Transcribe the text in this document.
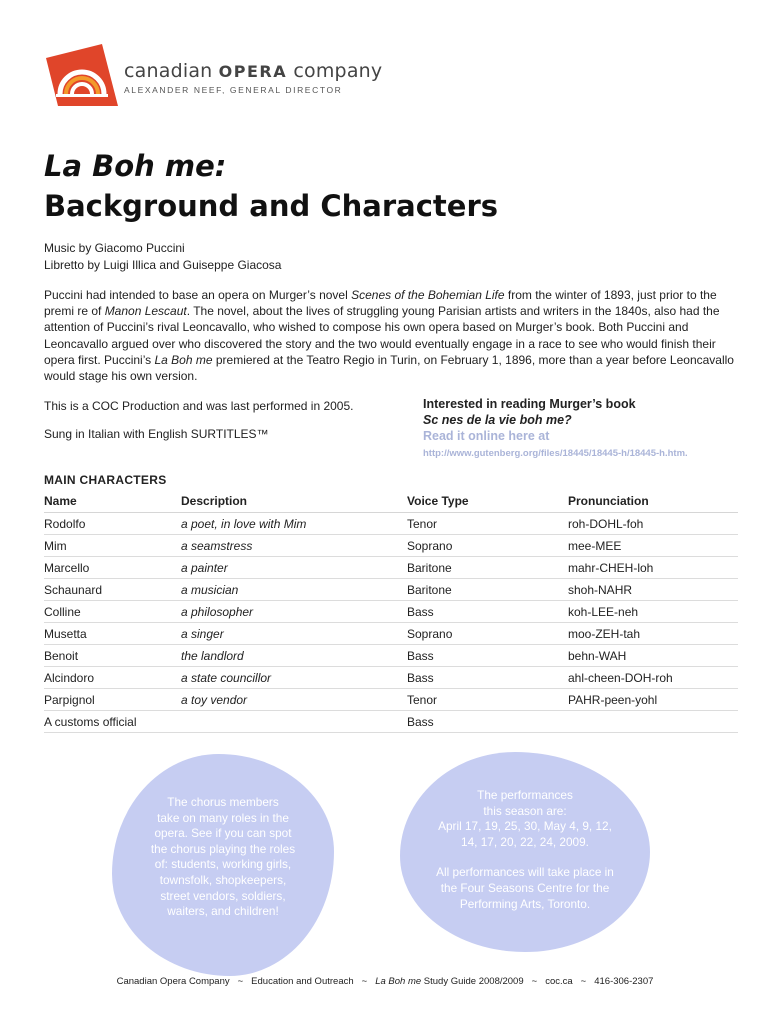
canadian OPERA company
ALEXANDER NEEF, GENERAL DIRECTOR
La Boh me:
Background and Characters
Music by Giacomo Puccini
Libretto by Luigi Illica and Guiseppe Giacosa

Puccini had intended to base an opera on Murger’s novel Scenes of the Bohemian Life from the winter of 1893, just prior to the premi re of Manon Lescaut. The novel, about the lives of struggling young Parisian artists and writers in the 1840s, also had the attention of Puccini’s rival Leoncavallo, who wished to compose his own opera based on Murger’s book. Both Puccini and Leoncavallo argued over who discovered the story and the two would eventually engage in a race to see who would finish their opera first. Puccini’s La Boh me premiered at the Teatro Regio in Turin, on February 1, 1896, more than a year before Leoncavallo would stage his own version.

This is a COC Production and was last performed in 2005.
Sung in Italian with English SURTITLES™
Interested in reading Murger’s book
Sc nes de la vie boh me?
Read it online here at
http://www.gutenberg.org/files/18445/18445-h/18445-h.htm.
MAIN CHARACTERS
Name	Description	Voice Type	Pronunciation
Rodolfo	a poet, in love with Mim	Tenor	roh-DOHL-foh
Mim	a seamstress	Soprano	mee-MEE
Marcello	a painter	Baritone	mahr-CHEH-loh
Schaunard	a musician	Baritone	shoh-NAHR
Colline	a philosopher	Bass	koh-LEE-neh
Musetta	a singer	Soprano	moo-ZEH-tah
Benoit	the landlord	Bass	behn-WAH
Alcindoro	a state councillor	Bass	ahl-cheen-DOH-roh
Parpignol	a toy vendor	Tenor	PAHR-peen-yohl
A customs official		Bass	
The chorus members
take on many roles in the
opera. See if you can spot
the chorus playing the roles
of: students, working girls,
townsfolk, shopkeepers,
street vendors, soldiers,
waiters, and children!
The performances
this season are:
April 17, 19, 25, 30, May 4, 9, 12,
14, 17, 20, 22, 24, 2009.
All performances will take place in
the Four Seasons Centre for the
Performing Arts, Toronto.
Canadian Opera Company ~ Education and Outreach ~ La Boh me Study Guide 2008/2009 ~ coc.ca ~ 416-306-2307
